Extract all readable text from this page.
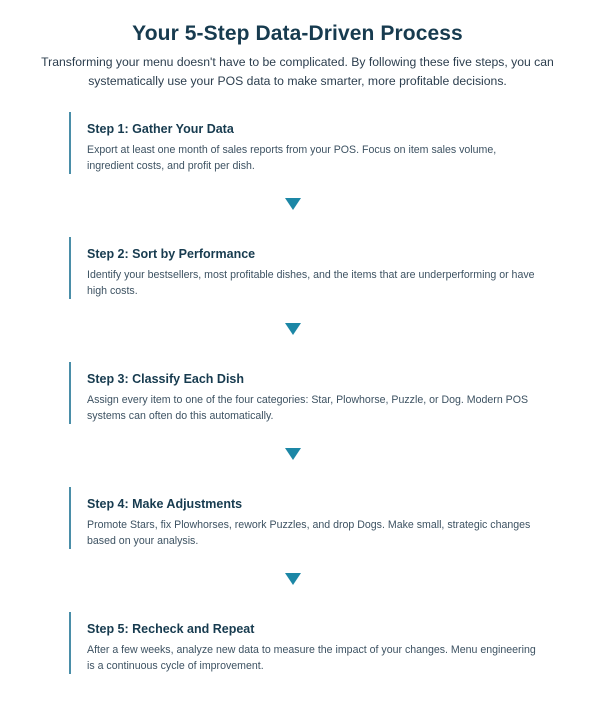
Your 5-Step Data-Driven Process

Transforming your menu doesn't have to be complicated. By following these five steps, you can systematically use your POS data to make smarter, more profitable decisions.

Step 1: Gather Your Data

Export at least one month of sales reports from your POS. Focus on item sales volume, ingredient costs, and profit per dish.

Step 2: Sort by Performance

Identify your bestsellers, most profitable dishes, and the items that are underperforming or have high costs.

Step 3: Classify Each Dish

Assign every item to one of the four categories: Star, Plowhorse, Puzzle, or Dog. Modern POS systems can often do this automatically.

Step 4: Make Adjustments

Promote Stars, fix Plowhorses, rework Puzzles, and drop Dogs. Make small, strategic changes based on your analysis.

Step 5: Recheck and Repeat

After a few weeks, analyze new data to measure the impact of your changes. Menu engineering is a continuous cycle of improvement.
